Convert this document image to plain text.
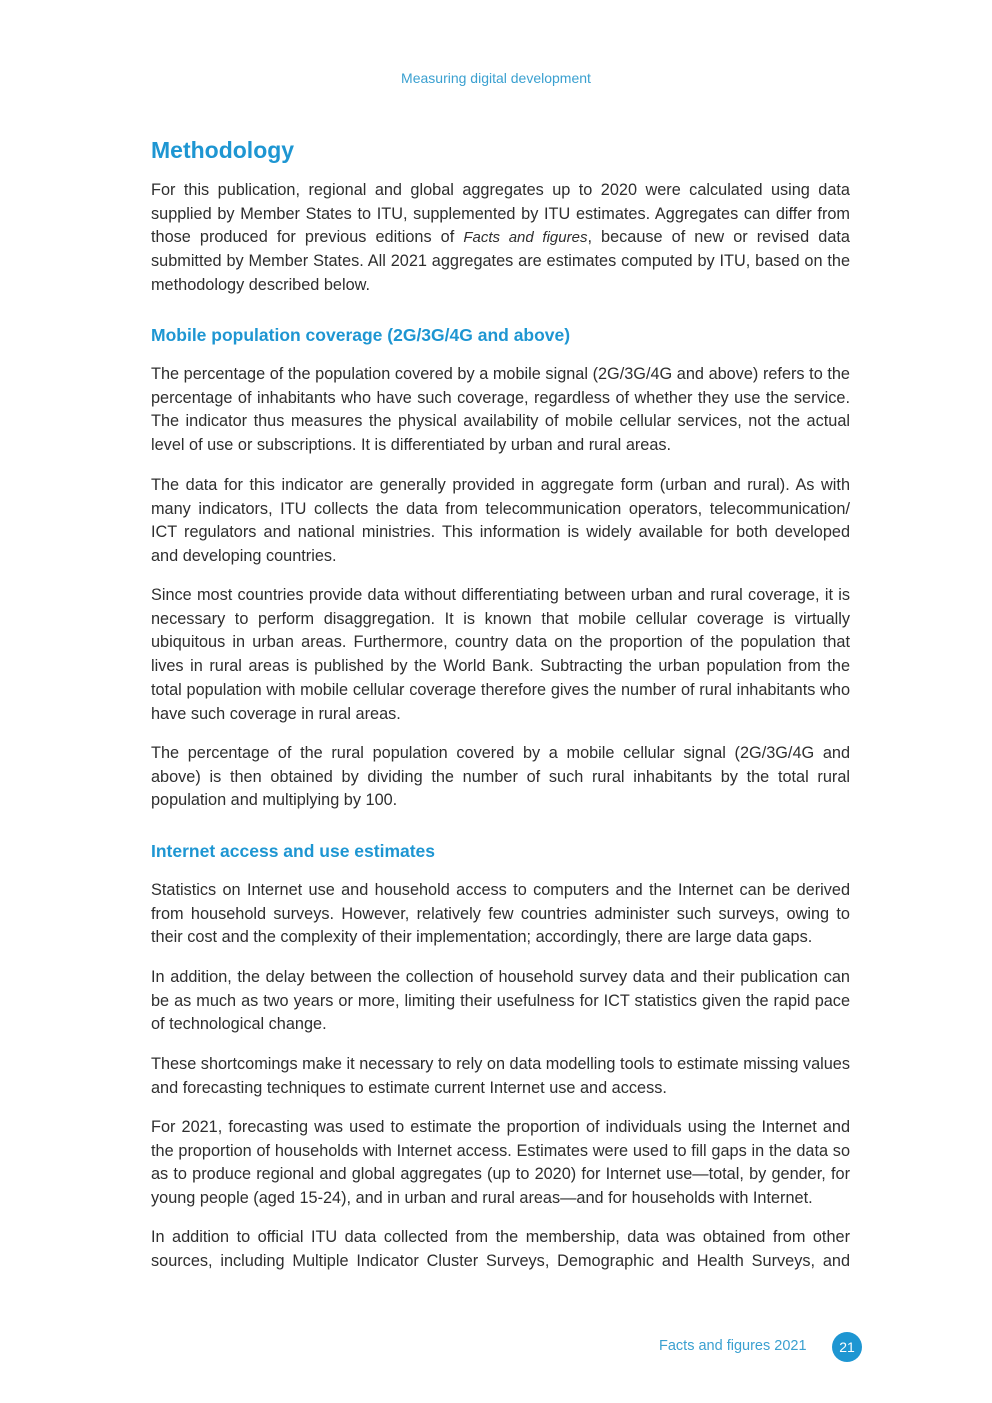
Measuring digital development
Methodology

For this publication, regional and global aggregates up to 2020 were calculated using data supplied by Member States to ITU, supplemented by ITU estimates. Aggregates can differ from those produced for previous editions of Facts and figures, because of new or revised data submitted by Member States. All 2021 aggregates are estimates computed by ITU, based on the methodology described below.

Mobile population coverage (2G/3G/4G and above)

The percentage of the population covered by a mobile signal (2G/3G/4G and above) refers to the percentage of inhabitants who have such coverage, regardless of whether they use the service. The indicator thus measures the physical availability of mobile cellular services, not the actual level of use or subscriptions. It is differentiated by urban and rural areas.

The data for this indicator are generally provided in aggregate form (urban and rural). As with many indicators, ITU collects the data from telecommunication operators, telecommunication/ ICT regulators and national ministries. This information is widely available for both developed and developing countries.

Since most countries provide data without differentiating between urban and rural coverage, it is necessary to perform disaggregation. It is known that mobile cellular coverage is virtually ubiquitous in urban areas. Furthermore, country data on the proportion of the population that lives in rural areas is published by the World Bank. Subtracting the urban population from the total population with mobile cellular coverage therefore gives the number of rural inhabitants who have such coverage in rural areas.

The percentage of the rural population covered by a mobile cellular signal (2G/3G/4G and above) is then obtained by dividing the number of such rural inhabitants by the total rural population and multiplying by 100.

Internet access and use estimates

Statistics on Internet use and household access to computers and the Internet can be derived from household surveys. However, relatively few countries administer such surveys, owing to their cost and the complexity of their implementation; accordingly, there are large data gaps.

In addition, the delay between the collection of household survey data and their publication can be as much as two years or more, limiting their usefulness for ICT statistics given the rapid pace of technological change.

These shortcomings make it necessary to rely on data modelling tools to estimate missing values and forecasting techniques to estimate current Internet use and access.

For 2021, forecasting was used to estimate the proportion of individuals using the Internet and the proportion of households with Internet access. Estimates were used to fill gaps in the data so as to produce regional and global aggregates (up to 2020) for Internet use—total, by gender, for young people (aged 15-24), and in urban and rural areas—and for households with Internet.

In addition to official ITU data collected from the membership, data was obtained from other sources, including Multiple Indicator Cluster Surveys, Demographic and Health Surveys, and

Facts and figures 2021	21
